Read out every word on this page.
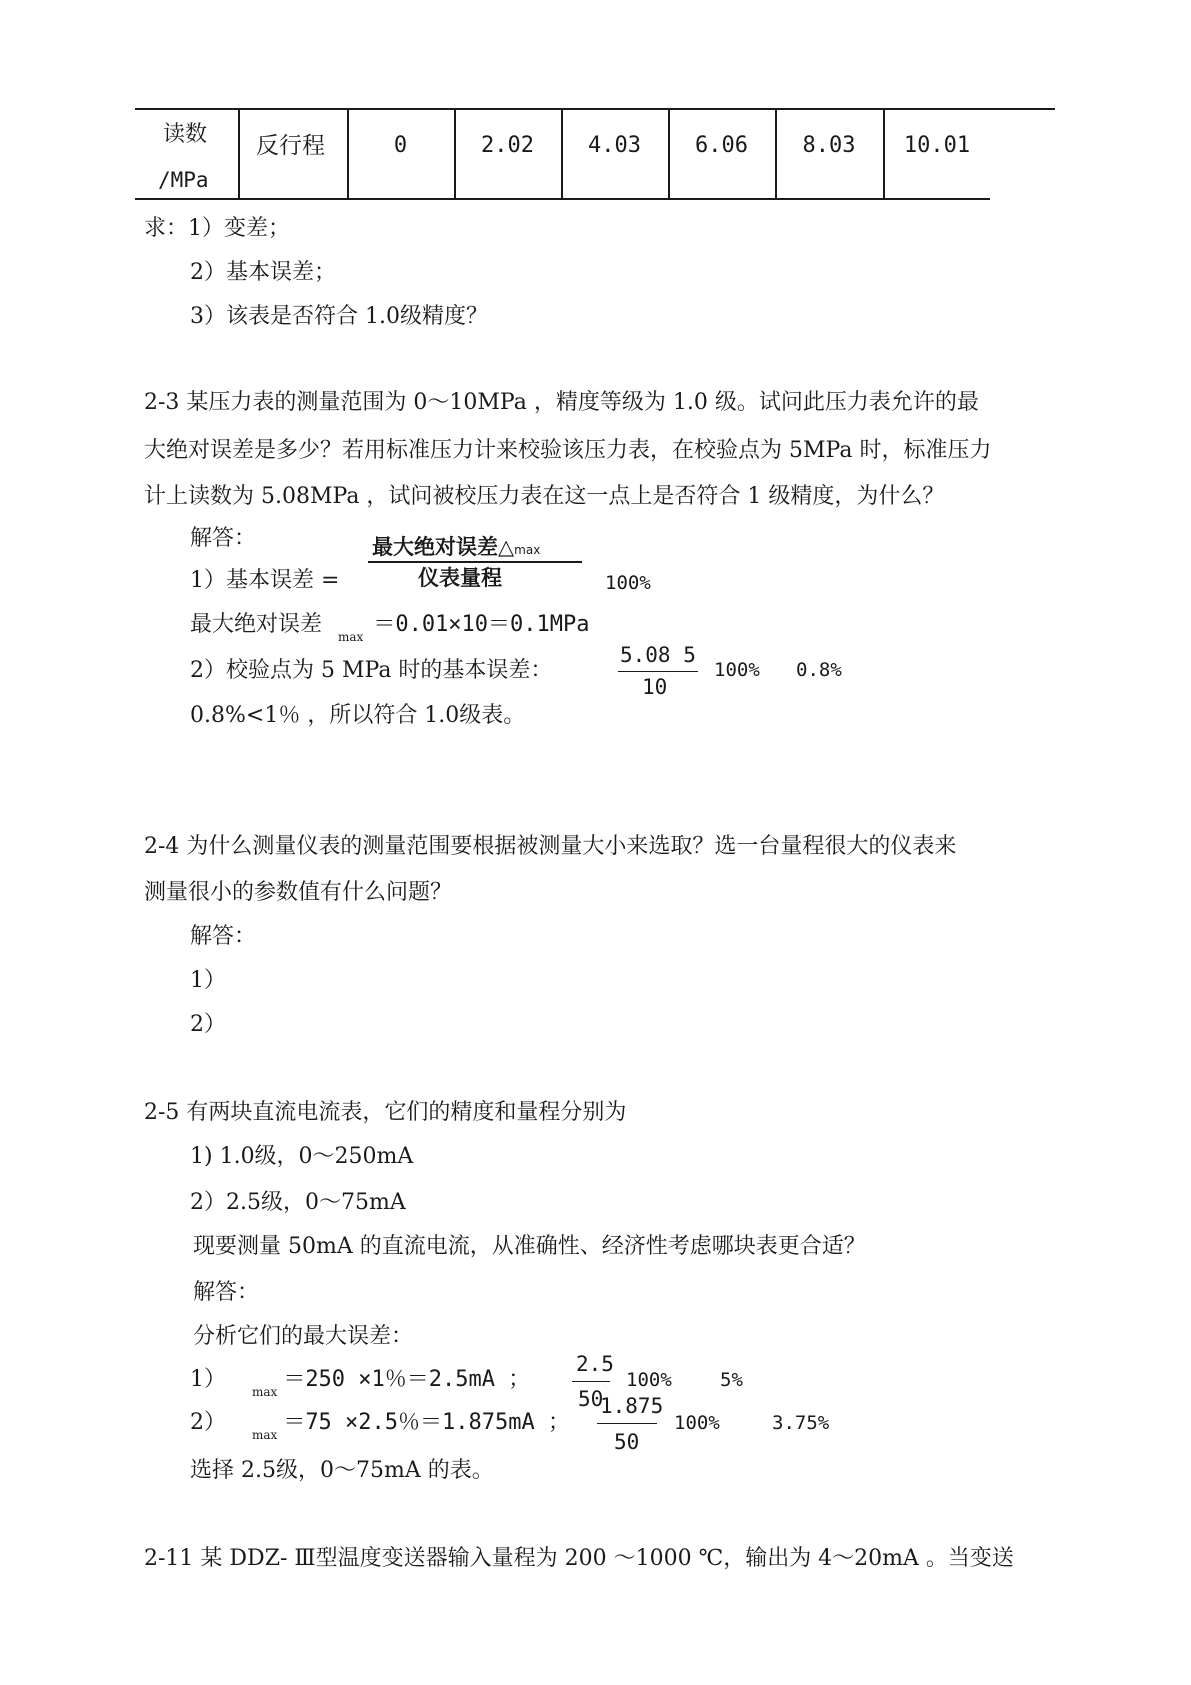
读数
/MPa
反行程	0	2.02	4.03	6.06	8.03	10.01
求：1）变差；
2）基本误差；
3）该表是否符合 1.0级精度？
2-3 某压力表的测量范围为 0～10MPa ，精度等级为 1.0 级。试问此压力表允许的最
大绝对误差是多少？若用标准压力计来校验该压力表，在校验点为 5MPa 时，标准压力
计上读数为 5.08MPa ，试问被校压力表在这一点上是否符合 1 级精度，为什么？
解答：	最大绝对误差△max
仪表量程
1）基本误差 =	100%
最大绝对误差 $_{max}$ ＝0.01×10＝0.1MPa
2）校验点为 5 MPa 时的基本误差：
5.08 5
10
100% 0.8%
0.8%<1％ ，所以符合 1.0级表。
2-4 为什么测量仪表的测量范围要根据被测量大小来选取？选一台量程很大的仪表来
测量很小的参数值有什么问题？
解答：
1）
2）
2-5 有两块直流电流表，它们的精度和量程分别为
1) 1.0级，0～250mA
2）2.5级，0～75mA
现要测量 50mA 的直流电流，从准确性、经济性考虑哪块表更合适？
解答：
分析它们的最大误差：
1） $_{max}$ ＝250 ×1％＝2.5mA ；
2.5
50
100%	5%
2） $_{max}$ ＝75 ×2.5％＝1.875mA ；
1.875
50
100%	3.75%
选择 2.5级，0～75mA 的表。
2-11 某 DDZ- Ⅲ型温度变送器输入量程为 200 ～1000 ℃，输出为 4～20mA 。当变送
